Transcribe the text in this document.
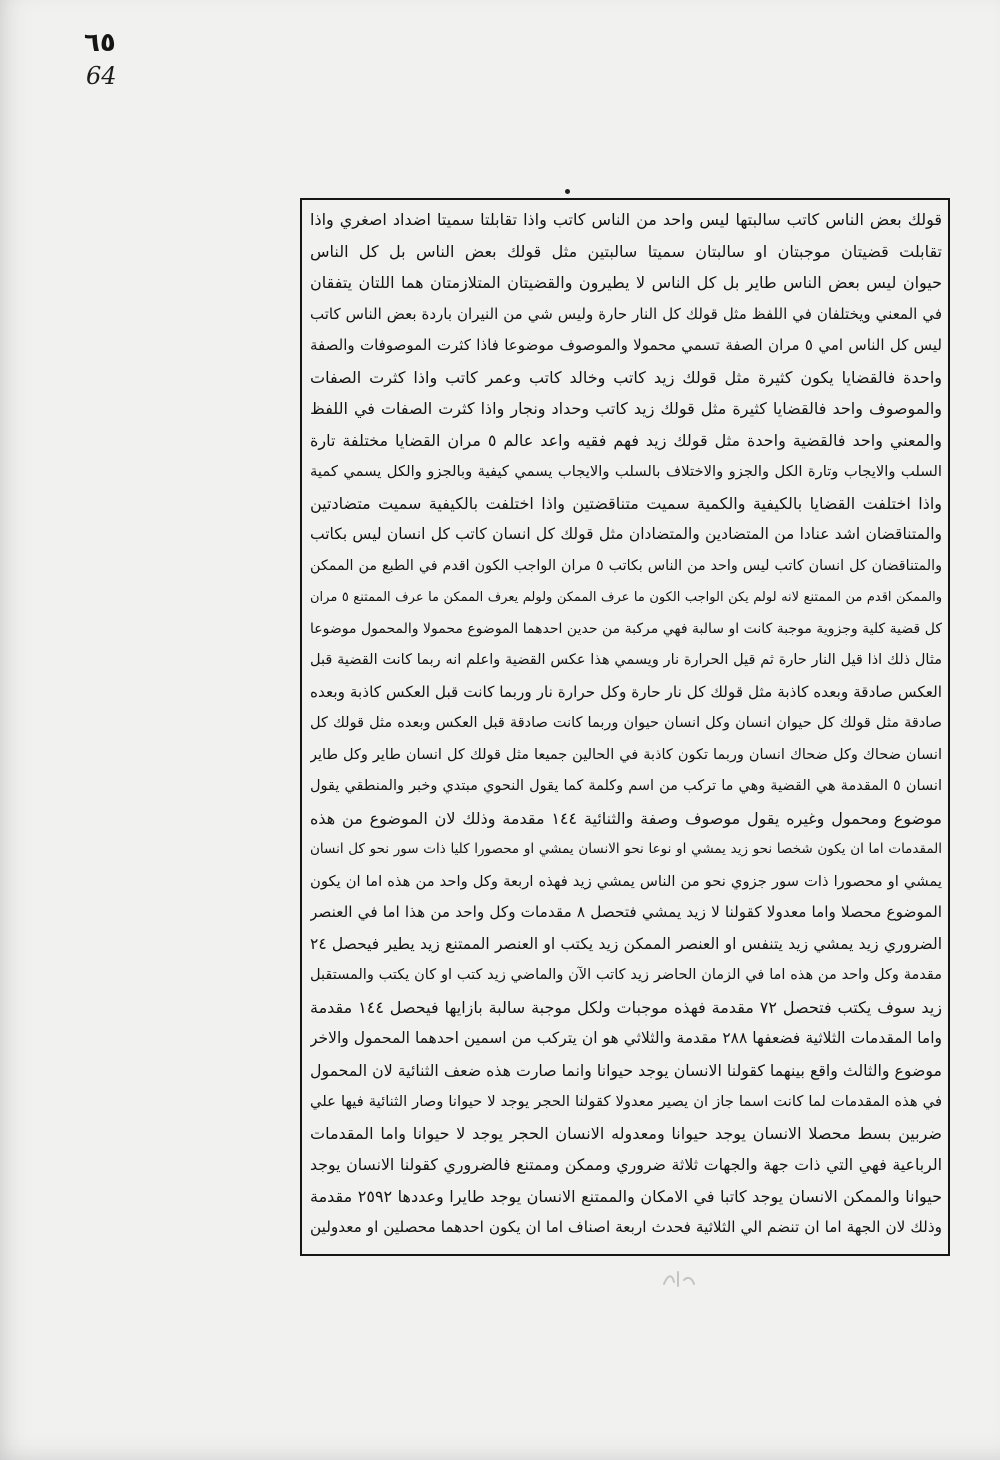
٦٥
64
قولك بعض الناس كاتب سالبتها ليس واحد من الناس كاتب واذا تقابلتا سميتا اضداد اصغري واذا
تقابلت قضيتان موجبتان او سالبتان سميتا سالبتين مثل قولك بعض الناس بل كل الناس
حيوان ليس بعض الناس طاير بل كل الناس لا يطيرون والقضيتان المتلازمتان هما اللتان يتفقان
في المعني ويختلفان في اللفظ مثل قولك كل النار حارة وليس شي من النيران باردة بعض الناس كاتب
ليس كل الناس امي ٥ مران الصفة تسمي محمولا والموصوف موضوعا فاذا كثرت الموصوفات والصفة
واحدة فالقضايا يكون كثيرة مثل قولك زيد كاتب وخالد كاتب وعمر كاتب واذا كثرت الصفات
والموصوف واحد فالقضايا كثيرة مثل قولك زيد كاتب وحداد ونجار واذا كثرت الصفات في اللفظ
والمعني واحد فالقضية واحدة مثل قولك زيد فهم فقيه واعد عالم ٥ مران القضايا مختلفة تارة
السلب والايجاب وتارة الكل والجزو والاختلاف بالسلب والايجاب يسمي كيفية وبالجزو والكل يسمي كمية
واذا اختلفت القضايا بالكيفية والكمية سميت متناقضتين واذا اختلفت بالكيفية سميت متضادتين
والمتناقضان اشد عنادا من المتضادين والمتضادان مثل قولك كل انسان كاتب كل انسان ليس بكاتب
والمتناقضان كل انسان كاتب ليس واحد من الناس بكاتب ٥ مران الواجب الكون اقدم في الطبع من الممكن
والممكن اقدم من الممتنع لانه لولم يكن الواجب الكون ما عرف الممكن ولولم يعرف الممكن ما عرف الممتنع ٥ مران
كل قضية كلية وجزوية موجبة كانت او سالبة فهي مركبة من حدين احدهما الموضوع محمولا والمحمول موضوعا
مثال ذلك اذا قيل النار حارة ثم قيل الحرارة نار ويسمي هذا عكس القضية واعلم انه ربما كانت القضية قبل
العكس صادقة وبعده كاذبة مثل قولك كل نار حارة وكل حرارة نار وربما كانت قبل العكس كاذبة وبعده
صادقة مثل قولك كل حيوان انسان وكل انسان حيوان وربما كانت صادقة قبل العكس وبعده مثل قولك كل
انسان ضحاك وكل ضحاك انسان وربما تكون كاذبة في الحالين جميعا مثل قولك كل انسان طاير وكل طاير
انسان ٥ المقدمة هي القضية وهي ما تركب من اسم وكلمة كما يقول النحوي مبتدي وخبر والمنطقي يقول
موضوع ومحمول وغيره يقول موصوف وصفة والثنائية ١٤٤ مقدمة وذلك لان الموضوع من هذه
المقدمات اما ان يكون شخصا نحو زيد يمشي او نوعا نحو الانسان يمشي او محصورا كليا ذات سور نحو كل انسان
يمشي او محصورا ذات سور جزوي نحو من الناس يمشي زيد فهذه اربعة وكل واحد من هذه اما ان يكون
الموضوع محصلا واما معدولا كقولنا لا زيد يمشي فتحصل ٨ مقدمات وكل واحد من هذا اما في العنصر
الضروري زيد يمشي زيد يتنفس او العنصر الممكن زيد يكتب او العنصر الممتنع زيد يطير فيحصل ٢٤
مقدمة وكل واحد من هذه اما في الزمان الحاضر زيد كاتب الآن والماضي زيد كتب او كان يكتب والمستقبل
زيد سوف يكتب فتحصل ٧٢ مقدمة فهذه موجبات ولكل موجبة سالبة بازايها فيحصل ١٤٤ مقدمة
واما المقدمات الثلاثية فضعفها ٢٨٨ مقدمة والثلاثي هو ان يتركب من اسمين احدهما المحمول والاخر
موضوع والثالث واقع بينهما كقولنا الانسان يوجد حيوانا وانما صارت هذه ضعف الثنائية لان المحمول
في هذه المقدمات لما كانت اسما جاز ان يصير معدولا كقولنا الحجر يوجد لا حيوانا وصار الثنائية فيها علي
ضربين بسط محصلا الانسان يوجد حيوانا ومعدوله الانسان الحجر يوجد لا حيوانا واما المقدمات
الرباعية فهي التي ذات جهة والجهات ثلاثة ضروري وممكن وممتنع فالضروري كقولنا الانسان يوجد
حيوانا والممكن الانسان يوجد كاتبا في الامكان والممتنع الانسان يوجد طايرا وعددها ٢٥٩٢ مقدمة
وذلك لان الجهة اما ان تنضم الي الثلاثية فحدث اربعة اصناف اما ان يكون احدهما محصلين او معدولين
